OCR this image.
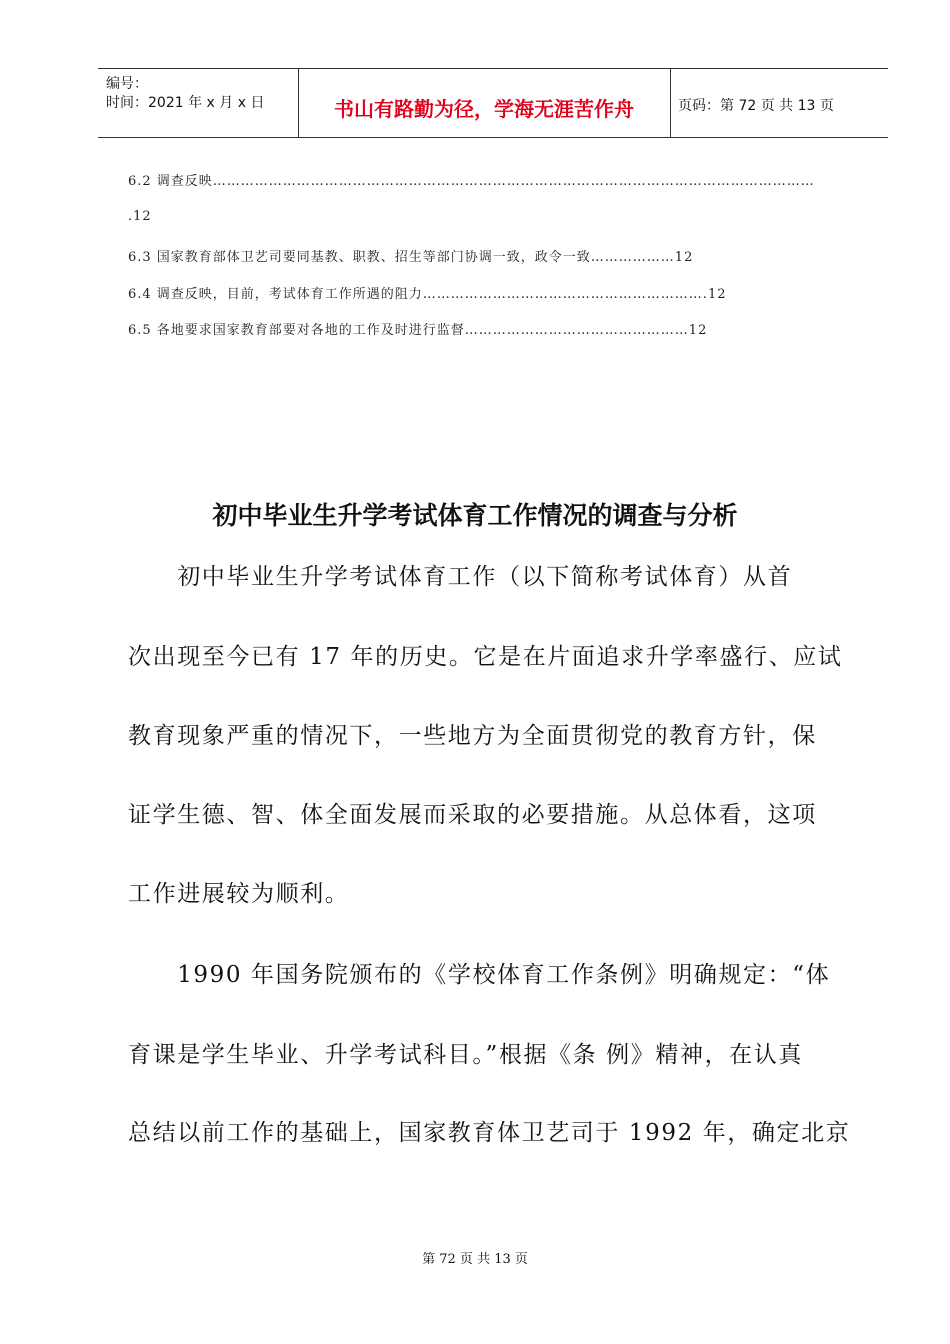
编号：
时间：2021 年 x 月 x 日	书山有路勤为径，学海无涯苦作舟	页码：第 72 页 共 13 页
6.2 调查反映…………………………………………………………………………………………………………………
.12
6.3 国家教育部体卫艺司要同基教、职教、招生等部门协调一致，政令一致………………12
6.4 调查反映，目前，考试体育工作所遇的阻力…………………………………………………….12
6.5 各地要求国家教育部要对各地的工作及时进行监督…………………………………………12
初中毕业生升学考试体育工作情况的调查与分析
　　初中毕业生升学考试体育工作（以下简称考试体育）从首
次出现至今已有 17 年的历史。它是在片面追求升学率盛行、应试
教育现象严重的情况下，一些地方为全面贯彻党的教育方针，保
证学生德、智、体全面发展而采取的必要措施。从总体看，这项
工作进展较为顺利。
　　1990 年国务院颁布的《学校体育工作条例》明确规定：“体
育课是学生毕业、升学考试科目。”根据《条 例》精神，在认真
总结以前工作的基础上，国家教育体卫艺司于 1992 年，确定北京
第 72 页 共 13 页
